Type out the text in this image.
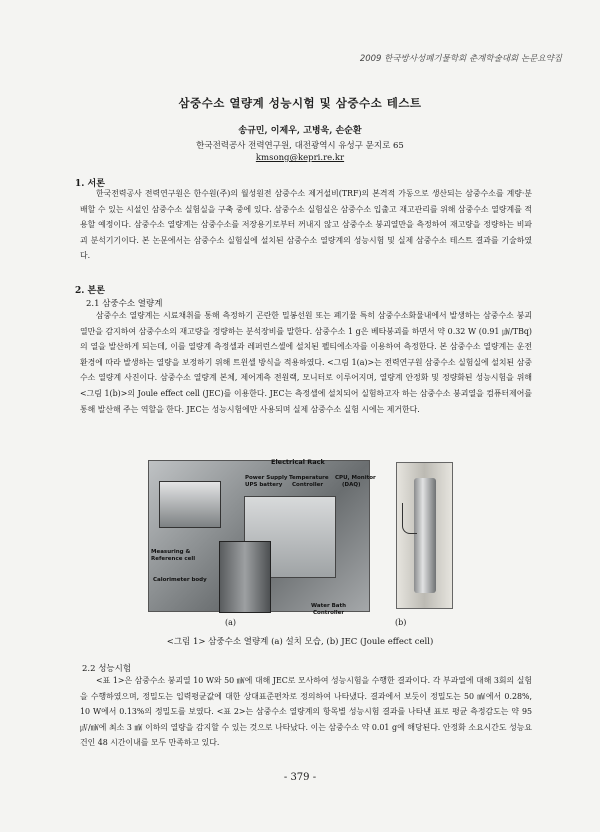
2009 한국방사성폐기물학회 춘계학술대회 논문요약집
삼중수소 열량계 성능시험 및 삼중수소 테스트
송규민, 이제우, 고병욱, 손순환
한국전력공사 전력연구원, 대전광역시 유성구 문지로 65
kmsong@kepri.re.kr
1. 서론
한국전력공사 전력연구원은 한수원(주)의 월성원전 삼중수소 제거설비(TRF)의 본격적 가동으로 생산되는 삼중수소를 계량·분배할 수 있는 시설인 삼중수소 실험실을 구축 중에 있다. 삼중수소 실험실은 삼중수소 입출고 재고관리를 위해 삼중수소 열량계를 적용할 예정이다. 삼중수소 열량계는 삼중수소를 저장용기로부터 꺼내지 않고 삼중수소 붕괴열만을 측정하여 재고량을 정량하는 비파괴 분석기기이다. 본 논문에서는 삼중수소 실험실에 설치된 삼중수소 열량계의 성능시험 및 실제 삼중수소 테스트 결과를 기술하였다.
2. 본론
2.1 삼중수소 열량계
삼중수소 열량계는 시료채취를 통해 측정하기 곤란한 밀봉선원 또는 폐기물 특히 삼중수소화물내에서 발생하는 삼중수소 붕괴열만을 감지하여 삼중수소의 재고량을 정량하는 분석장비를 말한다. 삼중수소 1 g은 베타붕괴를 하면서 약 0.32 W (0.91 ㎼/TBq)의 열을 발산하게 되는데, 이를 열량계 측정셀과 레퍼런스셀에 설치된 펠티에소자를 이용하여 측정한다. 본 삼중수소 열량계는 운전환경에 따라 발생하는 열량을 보정하기 위해 트윈셀 방식을 적용하였다. <그림 1(a)>는 전력연구원 삼중수소 실험실에 설치된 삼중수소 열량계 사진이다. 삼중수소 열량계 본체, 제어계측 전원랙, 모니터로 이루어지며, 열량계 안정화 및 정량화된 성능시험을 위해 <그림 1(b)>의 Joule effect cell (JEC)를 이용한다. JEC는 측정셀에 설치되어 실험하고자 하는 삼중수소 붕괴열을 컴퓨터제어를 통해 발산해 주는 역할을 한다. JEC는 성능시험에만 사용되며 실제 삼중수소 실험 시에는 제거한다.
Electrical Rack
Power Supply
UPS battery
Temperature
Controller
CPU, Monitor
(DAQ)
Measuring &
Reference cell
Calorimeter body
Water Bath
Controller
(a)	(b)
<그림 1> 삼중수소 열량계 (a) 설치 모습, (b) JEC (Joule effect cell)
2.2 성능시험
<표 1>은 삼중수소 붕괴열 10 W와 50 ㎽에 대해 JEC로 모사하여 성능시험을 수행한 결과이다. 각 부과열에 대해 3회의 실험을 수행하였으며, 정밀도는 입력평균값에 대한 상대표준편차로 정의하여 나타냈다. 결과에서 보듯이 정밀도는 50 ㎽에서 0.28%, 10 W에서 0.13%의 정밀도를 보였다. <표 2>는 삼중수소 열량계의 항목별 성능시험 결과를 나타낸 표로 평균 측정감도는 약 95 ㎶/㎽에 최소 3 ㎽ 이하의 열량을 감지할 수 있는 것으로 나타났다. 이는 삼중수소 약 0.01 g에 해당된다. 안정화 소요시간도 성능요건인 48 시간이내를 모두 만족하고 있다.
- 379 -
